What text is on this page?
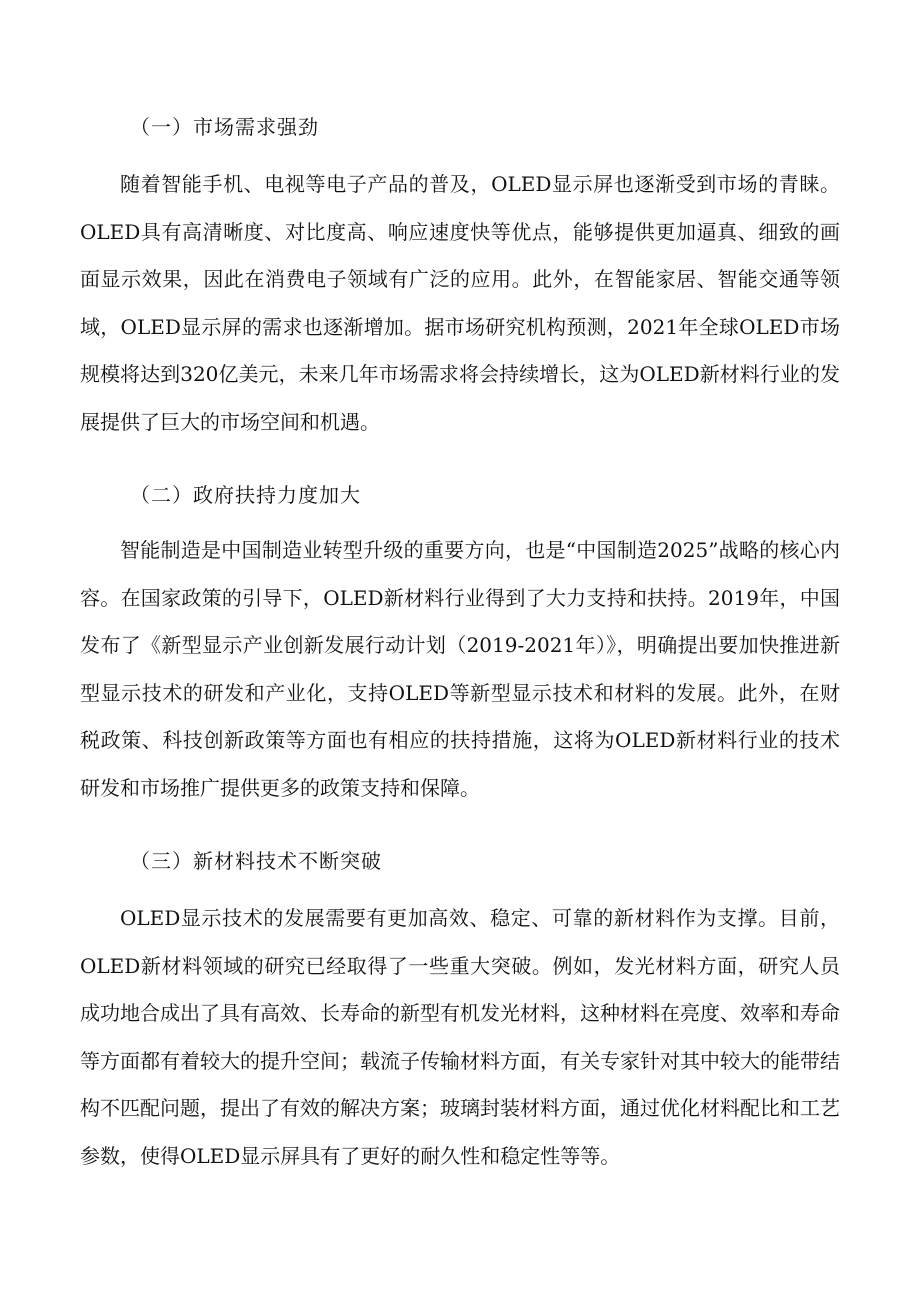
（一）市场需求强劲

随着智能手机、电视等电子产品的普及，OLED显示屏也逐渐受到市场的青睐。OLED具有高清晰度、对比度高、响应速度快等优点，能够提供更加逼真、细致的画面显示效果，因此在消费电子领域有广泛的应用。此外，在智能家居、智能交通等领域，OLED显示屏的需求也逐渐增加。据市场研究机构预测，2021年全球OLED市场规模将达到320亿美元，未来几年市场需求将会持续增长，这为OLED新材料行业的发展提供了巨大的市场空间和机遇。

（二）政府扶持力度加大

智能制造是中国制造业转型升级的重要方向，也是“中国制造2025”战略的核心内容。在国家政策的引导下，OLED新材料行业得到了大力支持和扶持。2019年，中国发布了《新型显示产业创新发展行动计划（2019-2021年）》，明确提出要加快推进新型显示技术的研发和产业化，支持OLED等新型显示技术和材料的发展。此外，在财税政策、科技创新政策等方面也有相应的扶持措施，这将为OLED新材料行业的技术研发和市场推广提供更多的政策支持和保障。

（三）新材料技术不断突破

OLED显示技术的发展需要有更加高效、稳定、可靠的新材料作为支撑。目前，OLED新材料领域的研究已经取得了一些重大突破。例如，发光材料方面，研究人员成功地合成出了具有高效、长寿命的新型有机发光材料，这种材料在亮度、效率和寿命等方面都有着较大的提升空间；载流子传输材料方面，有关专家针对其中较大的能带结构不匹配问题，提出了有效的解决方案；玻璃封装材料方面，通过优化材料配比和工艺参数，使得OLED显示屏具有了更好的耐久性和稳定性等等。
